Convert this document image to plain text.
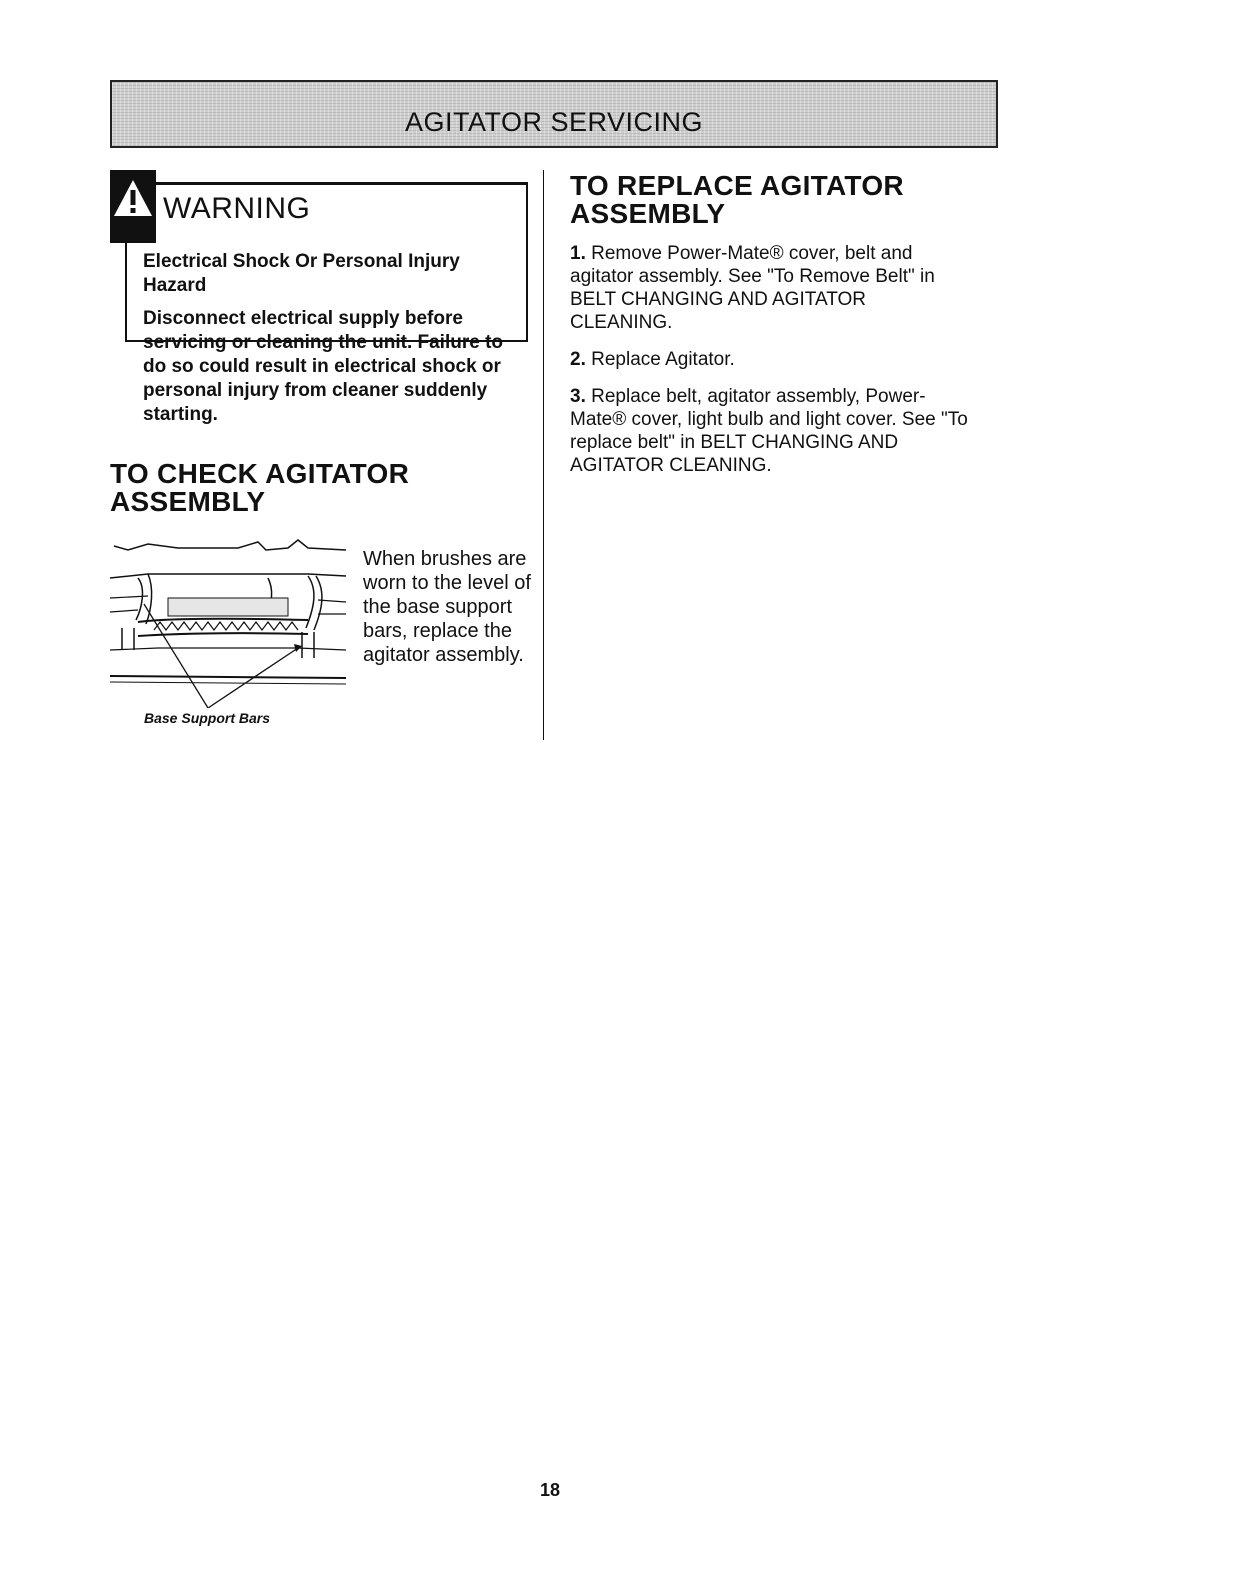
AGITATOR SERVICING
WARNING
Electrical Shock Or Personal Injury Hazard
Disconnect electrical supply before servicing or cleaning the unit. Failure to do so could result in electrical shock or personal injury from cleaner suddenly starting.
TO CHECK AGITATOR ASSEMBLY
Base Support Bars
When brushes are worn to the level of the base support bars, replace the agitator assembly.
TO REPLACE AGITATOR ASSEMBLY

1. Remove Power-Mate® cover, belt and agitator assembly. See "To Remove Belt" in BELT CHANGING AND AGITATOR CLEANING.

2. Replace Agitator.

3. Replace belt, agitator assembly, Power-Mate® cover, light bulb and light cover. See "To replace belt" in BELT CHANGING AND AGITATOR CLEANING.

18
